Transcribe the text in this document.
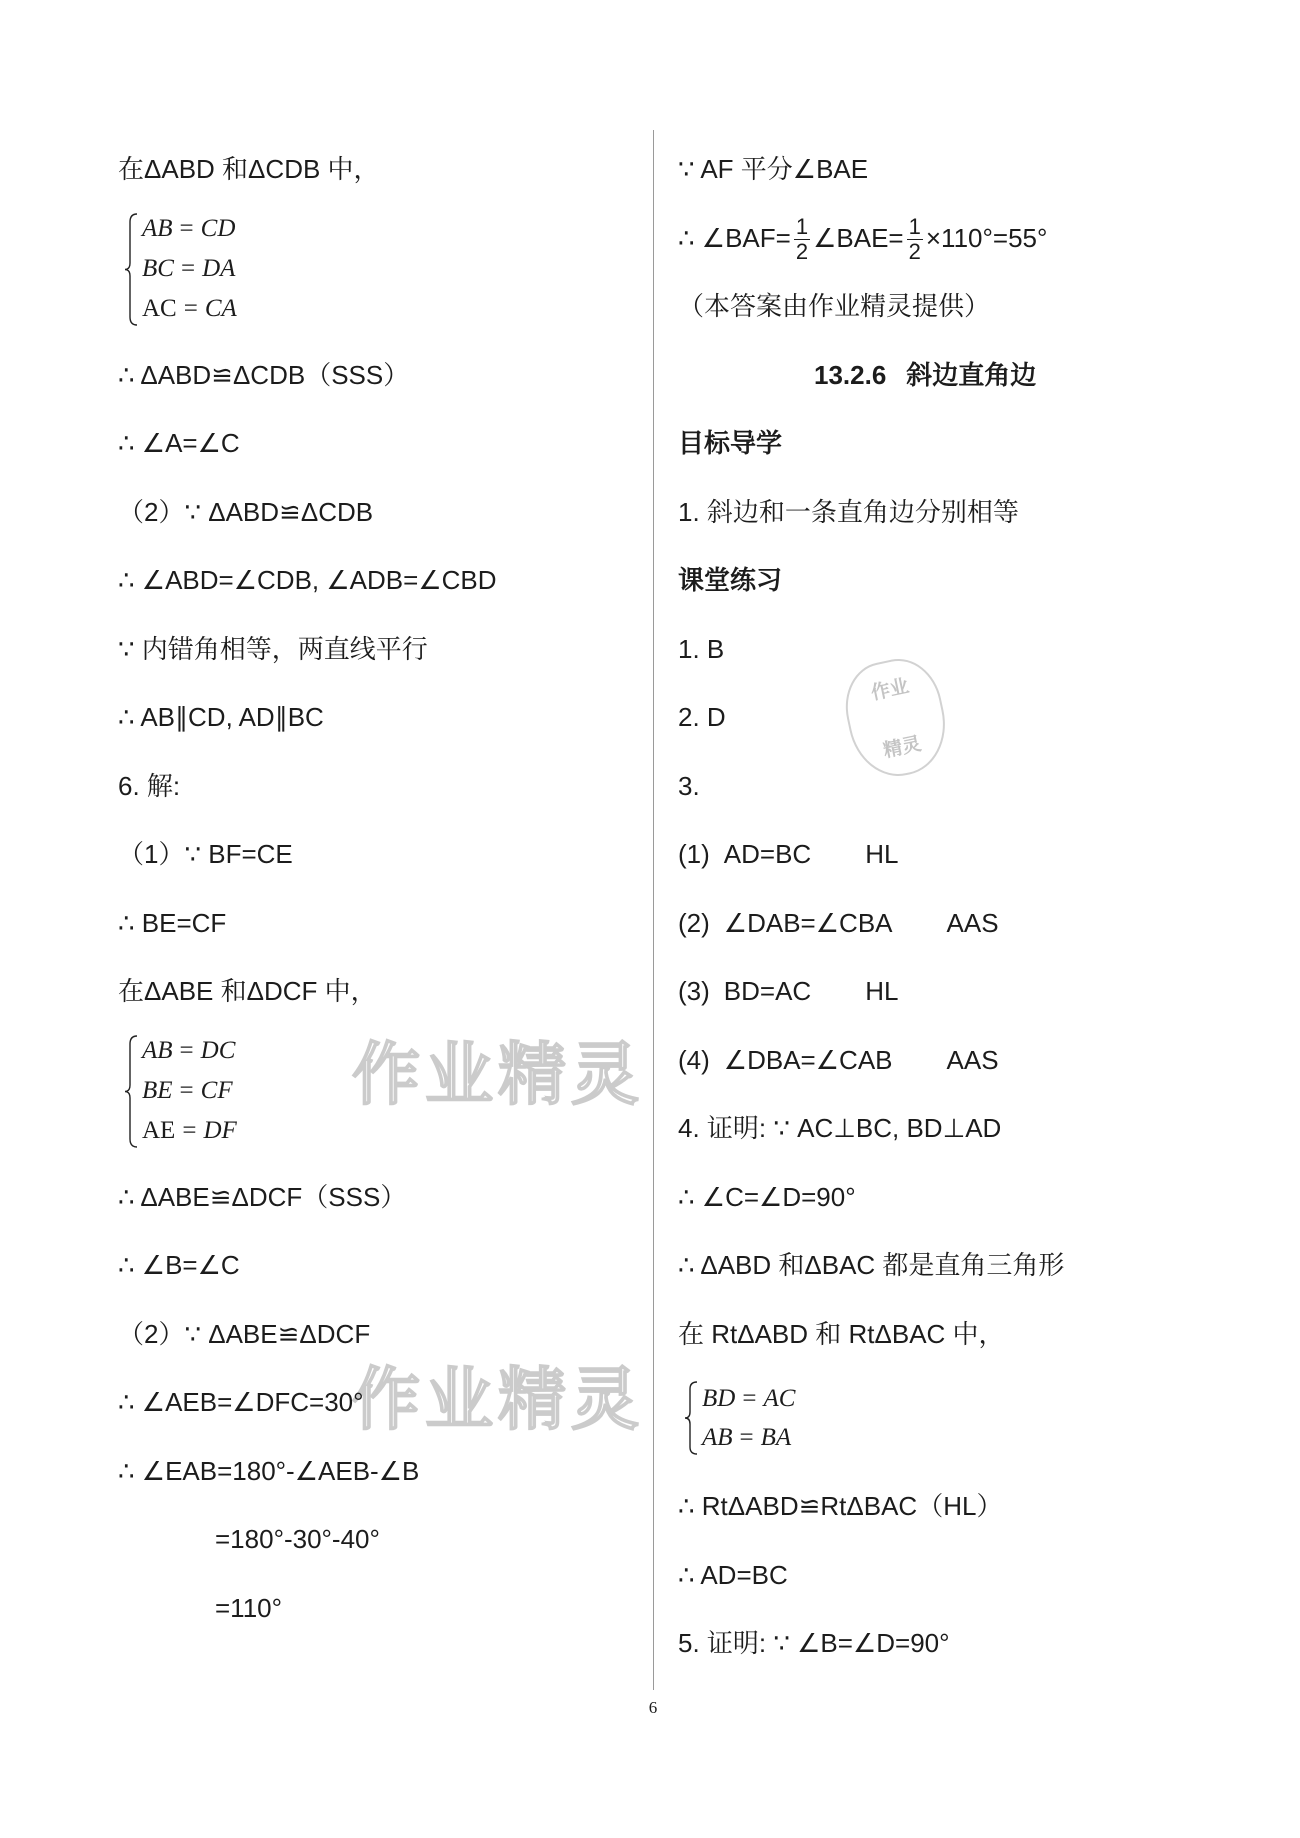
作业精灵
作业精灵
作业
精灵
在ΔABD 和ΔCDB 中，
AB = CD
BC = DA
AC = CA
∴ ΔABD≌ΔCDB（SSS）
∴ ∠A=∠C
（2）∵ ΔABD≌ΔCDB
∴ ∠ABD=∠CDB, ∠ADB=∠CBD
∵ 内错角相等，两直线平行
∴ AB∥CD, AD∥BC
6. 解:
（1）∵ BF=CE
∴ BE=CF
在ΔABE 和ΔDCF 中，
AB = DC
BE = CF
AE = DF
∴ ΔABE≌ΔDCF（SSS）
∴ ∠B=∠C
（2）∵ ΔABE≌ΔDCF
∴ ∠AEB=∠DFC=30°
∴ ∠EAB=180°-∠AEB-∠B
=180°-30°-40°
=110°
∵ AF 平分∠BAE
∴ ∠BAF= $\frac{1}{2}$ ∠BAE= $\frac{1}{2} \times 110^\circ=55^\circ$
（本答案由作业精灵提供）
13.2.6 斜边直角边
目标导学
1. 斜边和一条直角边分别相等
课堂练习
1. B
2. D
3.
(1) AD=BC HL
(2) ∠DAB=∠CBA AAS
(3) BD=AC HL
(4) ∠DBA=∠CAB AAS
4. 证明: ∵ AC⊥BC, BD⊥AD
∴ ∠C=∠D=90°
∴ ΔABD 和ΔBAC 都是直角三角形
在 RtΔABD 和 RtΔBAC 中，
BD = AC
AB = BA
∴ RtΔABD≌RtΔBAC（HL）
∴ AD=BC
5. 证明: ∵ ∠B=∠D=90°
6
